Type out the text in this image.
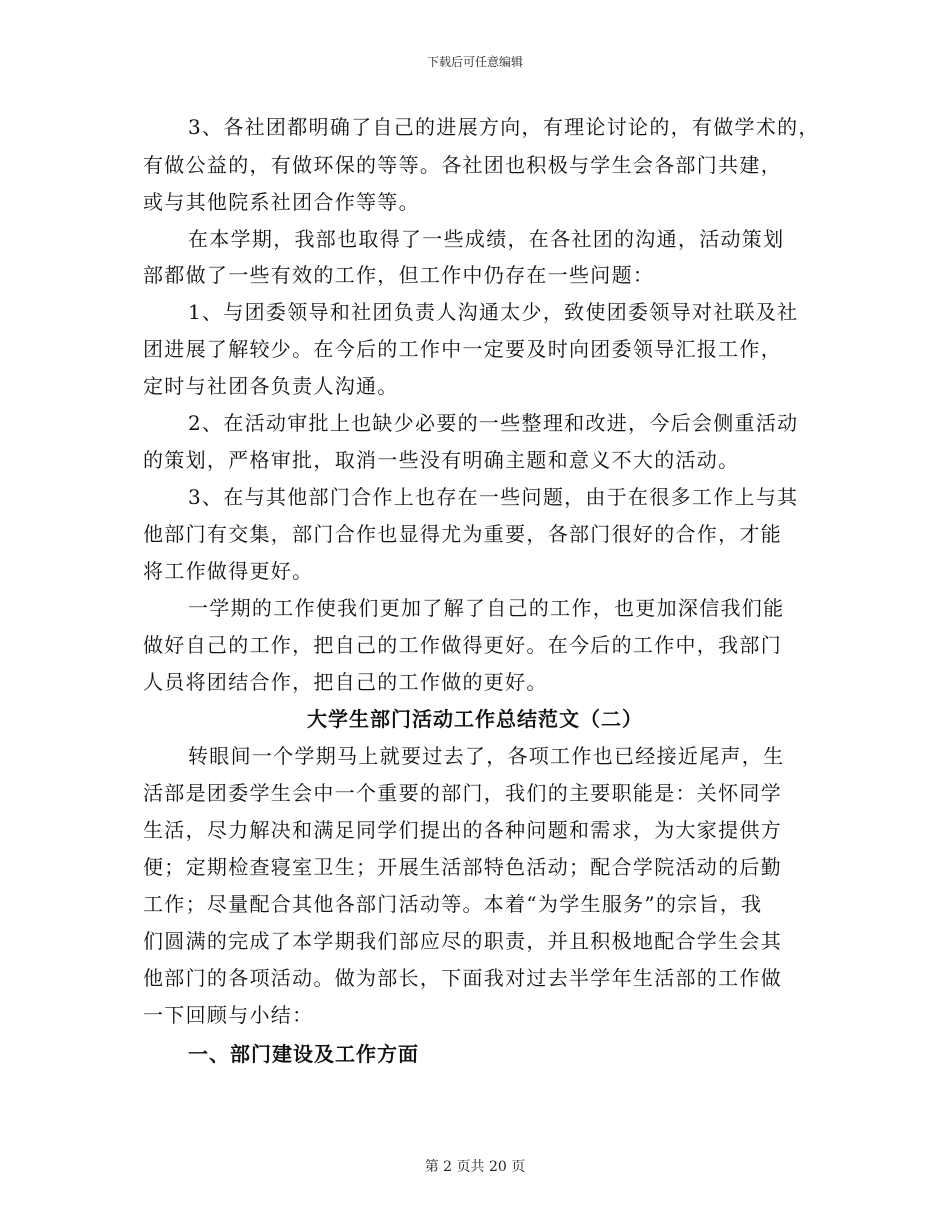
下载后可任意编辑

3、各社团都明确了自己的进展方向，有理论讨论的，有做学术的，

有做公益的，有做环保的等等。各社团也积极与学生会各部门共建，

或与其他院系社团合作等等。

在本学期，我部也取得了一些成绩，在各社团的沟通，活动策划

部都做了一些有效的工作，但工作中仍存在一些问题：

1、与团委领导和社团负责人沟通太少，致使团委领导对社联及社

团进展了解较少。在今后的工作中一定要及时向团委领导汇报工作，

定时与社团各负责人沟通。

2、在活动审批上也缺少必要的一些整理和改进，今后会侧重活动

的策划，严格审批，取消一些没有明确主题和意义不大的活动。

3、在与其他部门合作上也存在一些问题，由于在很多工作上与其

他部门有交集，部门合作也显得尤为重要，各部门很好的合作，才能

将工作做得更好。

一学期的工作使我们更加了解了自己的工作，也更加深信我们能

做好自己的工作，把自己的工作做得更好。在今后的工作中，我部门

人员将团结合作，把自己的工作做的更好。

大学生部门活动工作总结范文（二）

转眼间一个学期马上就要过去了，各项工作也已经接近尾声，生

活部是团委学生会中一个重要的部门，我们的主要职能是：关怀同学

生活，尽力解决和满足同学们提出的各种问题和需求，为大家提供方

便；定期检查寝室卫生；开展生活部特色活动；配合学院活动的后勤

工作；尽量配合其他各部门活动等。本着“为学生服务”的宗旨，我

们圆满的完成了本学期我们部应尽的职责，并且积极地配合学生会其

他部门的各项活动。做为部长，下面我对过去半学年生活部的工作做

一下回顾与小结：

一、部门建设及工作方面
第 2 页共 20 页
